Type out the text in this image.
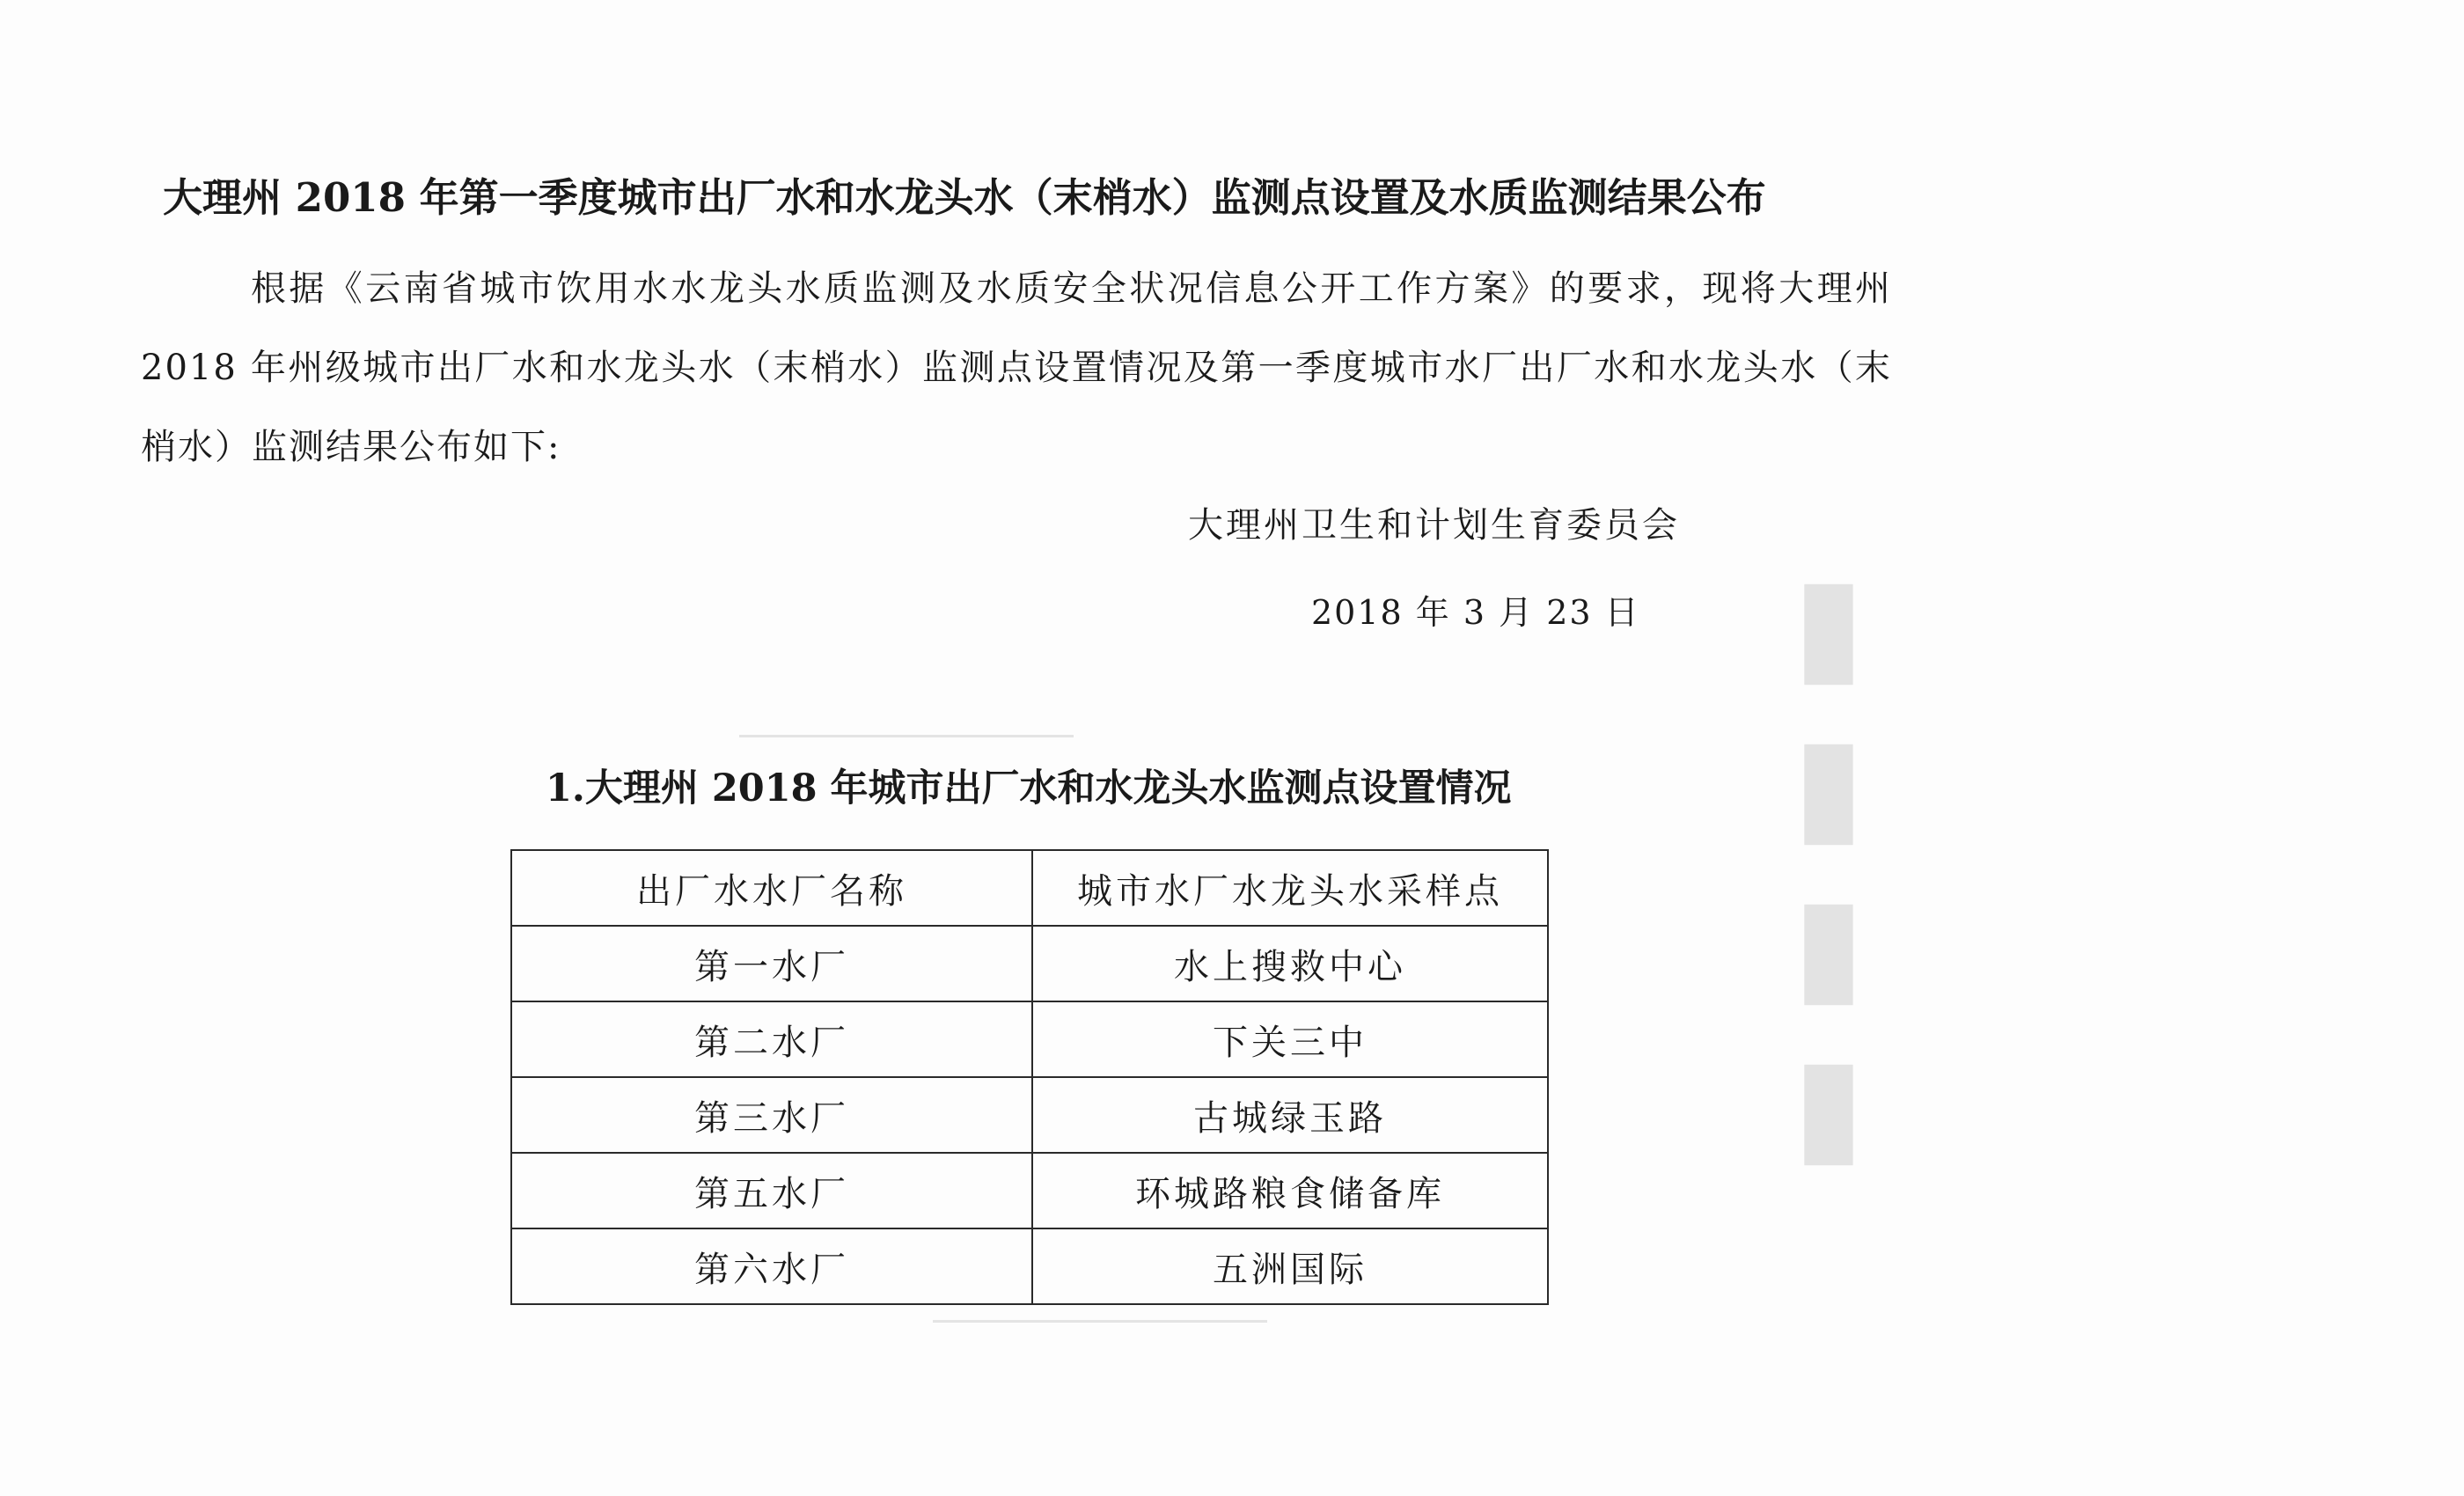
▮▮▮▮
大理州 2018 年第一季度城市出厂水和水龙头水（末梢水）监测点设置及水质监测结果公布

根据《云南省城市饮用水水龙头水质监测及水质安全状况信息公开工作方案》的要求，现将大理州 2018 年州级城市出厂水和水龙头水（末梢水）监测点设置情况及第一季度城市水厂出厂水和水龙头水（末梢水）监测结果公布如下:

大理州卫生和计划生育委员会
2018 年 3 月 23 日
1.大理州 2018 年城市出厂水和水龙头水监测点设置情况
出厂水水厂名称	城市水厂水龙头水采样点
第一水厂	水上搜救中心
第二水厂	下关三中
第三水厂	古城绿玉路
第五水厂	环城路粮食储备库
第六水厂	五洲国际
